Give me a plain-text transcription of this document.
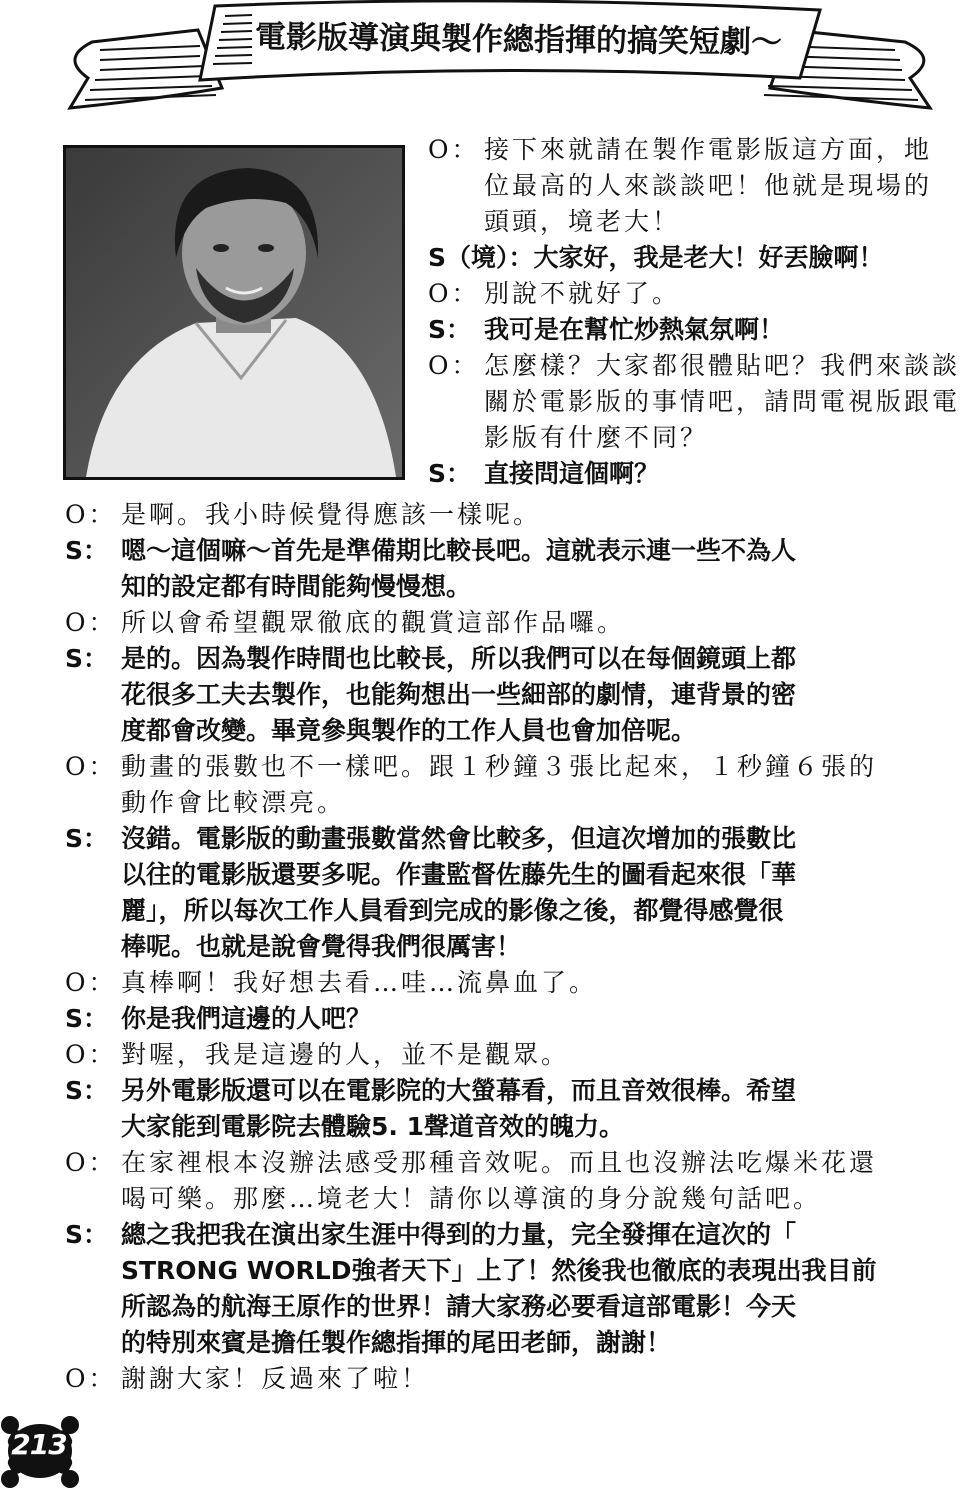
電影版導演與製作總指揮的搞笑短劇～
O： 接下來就請在製作電影版這方面，地
位最高的人來談談吧！他就是現場的
頭頭，境老大！
S（境）：大家好，我是老大！好丟臉啊！
O： 別說不就好了。
S： 我可是在幫忙炒熱氣氛啊！
O： 怎麼樣？大家都很體貼吧？我們來談談
關於電影版的事情吧，請問電視版跟電
影版有什麼不同？
S： 直接問這個啊？
O： 是啊。我小時候覺得應該一樣呢。
S： 嗯～這個嘛～首先是準備期比較長吧。這就表示連一些不為人
知的設定都有時間能夠慢慢想。
O： 所以會希望觀眾徹底的觀賞這部作品囉。
S： 是的。因為製作時間也比較長，所以我們可以在每個鏡頭上都
花很多工夫去製作，也能夠想出一些細部的劇情，連背景的密
度都會改變。畢竟參與製作的工作人員也會加倍呢。
O： 動畫的張數也不一樣吧。跟１秒鐘３張比起來，１秒鐘６張的
動作會比較漂亮。
S： 沒錯。電影版的動畫張數當然會比較多，但這次增加的張數比
以往的電影版還要多呢。作畫監督佐藤先生的圖看起來很「華
麗」，所以每次工作人員看到完成的影像之後，都覺得感覺很
棒呢。也就是說會覺得我們很厲害！
O： 真棒啊！我好想去看…哇…流鼻血了。
S： 你是我們這邊的人吧？
O： 對喔，我是這邊的人，並不是觀眾。
S： 另外電影版還可以在電影院的大螢幕看，而且音效很棒。希望
大家能到電影院去體驗5. 1聲道音效的魄力。
O： 在家裡根本沒辦法感受那種音效呢。而且也沒辦法吃爆米花還
喝可樂。那麼…境老大！請你以導演的身分說幾句話吧。
S： 總之我把我在演出家生涯中得到的力量，完全發揮在這次的「
STRONG WORLD強者天下」上了！然後我也徹底的表現出我目前
所認為的航海王原作的世界！請大家務必要看這部電影！今天
的特別來賓是擔任製作總指揮的尾田老師，謝謝！
O： 謝謝大家！反過來了啦！
213
